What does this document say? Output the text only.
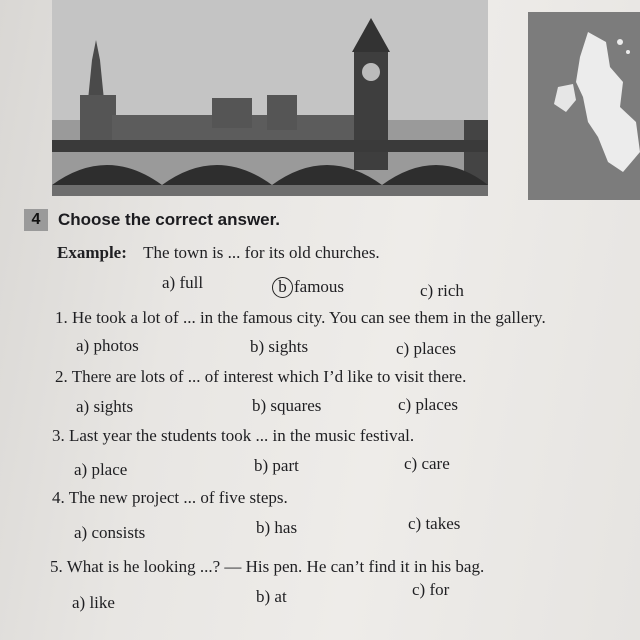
4	Choose the correct answer.
Example: The town is ... for its old churches.
a) full	b famous	c) rich
1. He took a lot of ... in the famous city. You can see them in the gallery.
a) photos	b) sights	c) places
2. There are lots of ... of interest which I’d like to visit there.
a) sights	b) squares	c) places
3. Last year the students took ... in the music festival.
a) place	b) part	c) care
4. The new project ... of five steps.
a) consists	b) has	c) takes
5. What is he looking ...? — His pen. He can’t find it in his bag.
a) like	b) at	c) for
